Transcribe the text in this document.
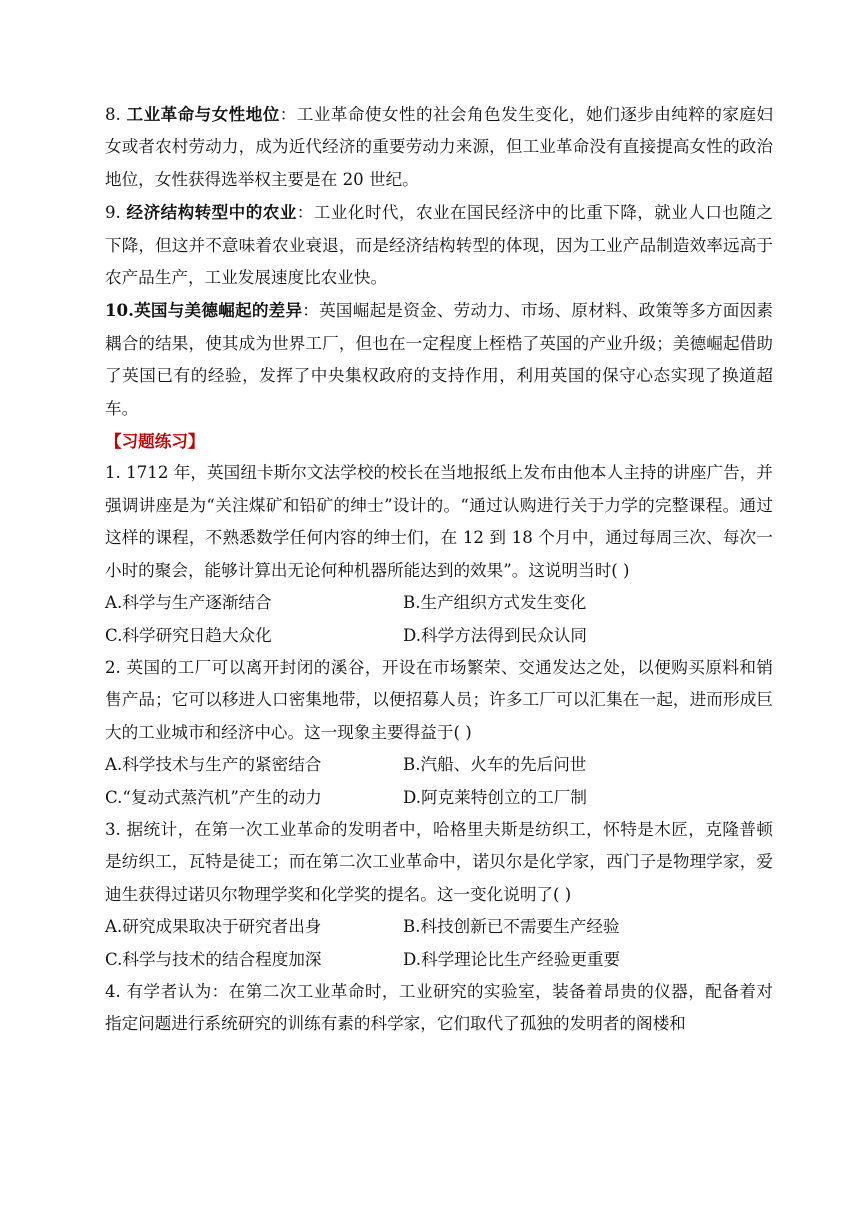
8. 工业革命与女性地位：工业革命使女性的社会角色发生变化，她们逐步由纯粹的家庭妇女或者农村劳动力，成为近代经济的重要劳动力来源，但工业革命没有直接提高女性的政治地位，女性获得选举权主要是在 20 世纪。

9. 经济结构转型中的农业：工业化时代，农业在国民经济中的比重下降，就业人口也随之下降，但这并不意味着农业衰退，而是经济结构转型的体现，因为工业产品制造效率远高于农产品生产，工业发展速度比农业快。

10.英国与美德崛起的差异：英国崛起是资金、劳动力、市场、原材料、政策等多方面因素耦合的结果，使其成为世界工厂，但也在一定程度上桎梏了英国的产业升级；美德崛起借助了英国已有的经验，发挥了中央集权政府的支持作用，利用英国的保守心态实现了换道超车。

【习题练习】

1. 1712 年，英国纽卡斯尔文法学校的校长在当地报纸上发布由他本人主持的讲座广告，并强调讲座是为“关注煤矿和铅矿的绅士”设计的。“通过认购进行关于力学的完整课程。通过这样的课程，不熟悉数学任何内容的绅士们，在 12 到 18 个月中，通过每周三次、每次一小时的聚会，能够计算出无论何种机器所能达到的效果”。这说明当时( )

A.科学与生产逐渐结合	B.生产组织方式发生变化
C.科学研究日趋大众化	D.科学方法得到民众认同

2. 英国的工厂可以离开封闭的溪谷，开设在市场繁荣、交通发达之处，以便购买原料和销售产品；它可以移进人口密集地带，以便招募人员；许多工厂可以汇集在一起，进而形成巨大的工业城市和经济中心。这一现象主要得益于( )

A.科学技术与生产的紧密结合	B.汽船、火车的先后问世
C.“复动式蒸汽机”产生的动力	D.阿克莱特创立的工厂制

3. 据统计，在第一次工业革命的发明者中，哈格里夫斯是纺织工，怀特是木匠，克隆普顿是纺织工，瓦特是徒工；而在第二次工业革命中，诺贝尔是化学家，西门子是物理学家，爱迪生获得过诺贝尔物理学奖和化学奖的提名。这一变化说明了( )

A.研究成果取决于研究者出身	B.科技创新已不需要生产经验
C.科学与技术的结合程度加深	D.科学理论比生产经验更重要

4. 有学者认为：在第二次工业革命时，工业研究的实验室，装备着昂贵的仪器，配备着对指定问题进行系统研究的训练有素的科学家，它们取代了孤独的发明者的阁楼和
